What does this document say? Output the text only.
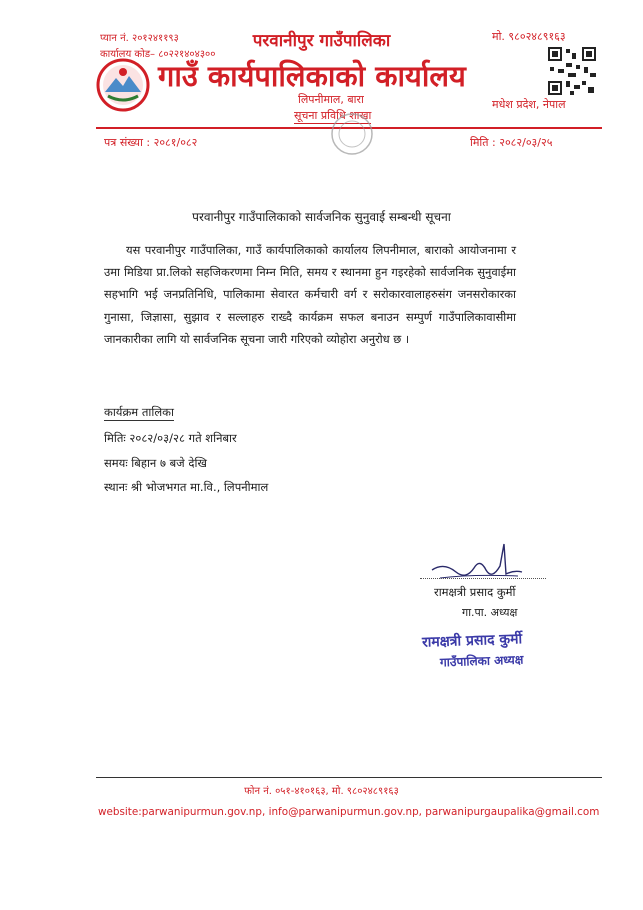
प्यान नं. २०१२४११९३
कार्यालय कोड– ८०२२१४०४३००
परवानीपुर गाउँपालिका	मो. ९८०२४८९१६३
गाउँ कार्यपालिकाको कार्यालय
लिपनीमाल, बारा	मधेश प्रदेश, नेपाल
सूचना प्रविधि शाखा
पत्र संख्या : २०८१/०८२	मिति : २०८२/०३/२५
परवानीपुर गाउँपालिकाको सार्वजनिक सुनुवाई सम्बन्धी सूचना
यस परवानीपुर गाउँपालिका, गाउँ कार्यपालिकाको कार्यालय लिपनीमाल, बाराको आयोजनामा र उमा मिडिया प्रा.लिको सहजिकरणमा निम्न मिति, समय र स्थानमा हुन गइरहेको सार्वजनिक सुनुवाईमा सहभागि भई जनप्रतिनिधि, पालिकामा सेवारत कर्मचारी वर्ग र सरोकारवालाहरुसंग जनसरोकारका गुनासा, जिज्ञासा, सुझाव र सल्लाहरु राख्दै कार्यक्रम सफल बनाउन सम्पुर्ण गाउँपालिकावासीमा जानकारीका लागि यो सार्वजनिक सूचना जारी गरिएको व्योहोरा अनुरोध छ ।
कार्यक्रम तालिका
मितिः २०८२/०३/२८ गते शनिबार
समयः बिहान ७ बजे देखि
स्थानः श्री भोजभगत मा.वि., लिपनीमाल
रामक्षत्री प्रसाद कुर्मी
गा.पा. अध्यक्ष
रामक्षत्री प्रसाद कुर्मी
गाउँपालिका अध्यक्ष
फोन नं. ०५१-४१०१६३, मो. ९८०२४८९१६३
website:parwanipurmun.gov.np, info@parwanipurmun.gov.np, parwanipurgaupalika@gmail.com
